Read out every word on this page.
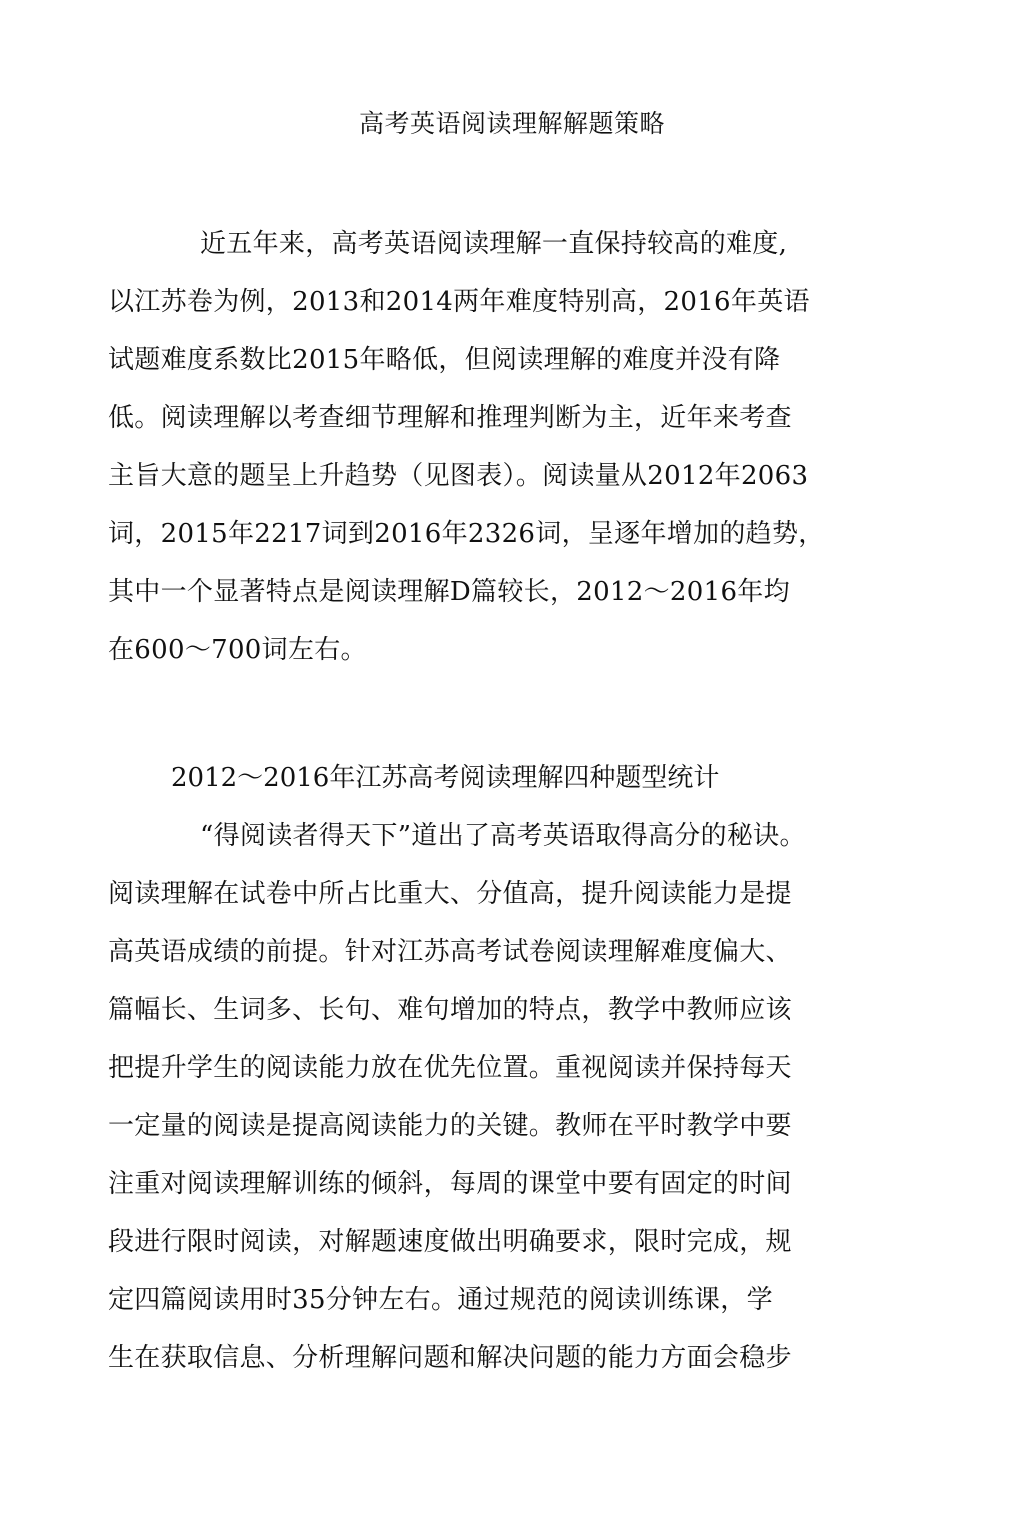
高考英语阅读理解解题策略
近五年来，高考英语阅读理解一直保持较高的难度,
以江苏卷为例，2013和2014两年难度特别高，2016年英语
试题难度系数比2015年略低，但阅读理解的难度并没有降
低。阅读理解以考查细节理解和推理判断为主，近年来考查
主旨大意的题呈上升趋势（见图表）。阅读量从2012年2063
词，2015年2217词到2016年2326词，呈逐年增加的趋势，
其中一个显著特点是阅读理解D篇较长，2012～2016年均
在600～700词左右。
2012～2016年江苏高考阅读理解四种题型统计
“得阅读者得天下”道出了高考英语取得高分的秘诀。
阅读理解在试卷中所占比重大、分值高，提升阅读能力是提
高英语成绩的前提。针对江苏高考试卷阅读理解难度偏大、
篇幅长、生词多、长句、难句增加的特点，教学中教师应该
把提升学生的阅读能力放在优先位置。重视阅读并保持每天
一定量的阅读是提高阅读能力的关键。教师在平时教学中要
注重对阅读理解训练的倾斜，每周的课堂中要有固定的时间
段进行限时阅读，对解题速度做出明确要求，限时完成，规
定四篇阅读用时35分钟左右。通过规范的阅读训练课，学
生在获取信息、分析理解问题和解决问题的能力方面会稳步
